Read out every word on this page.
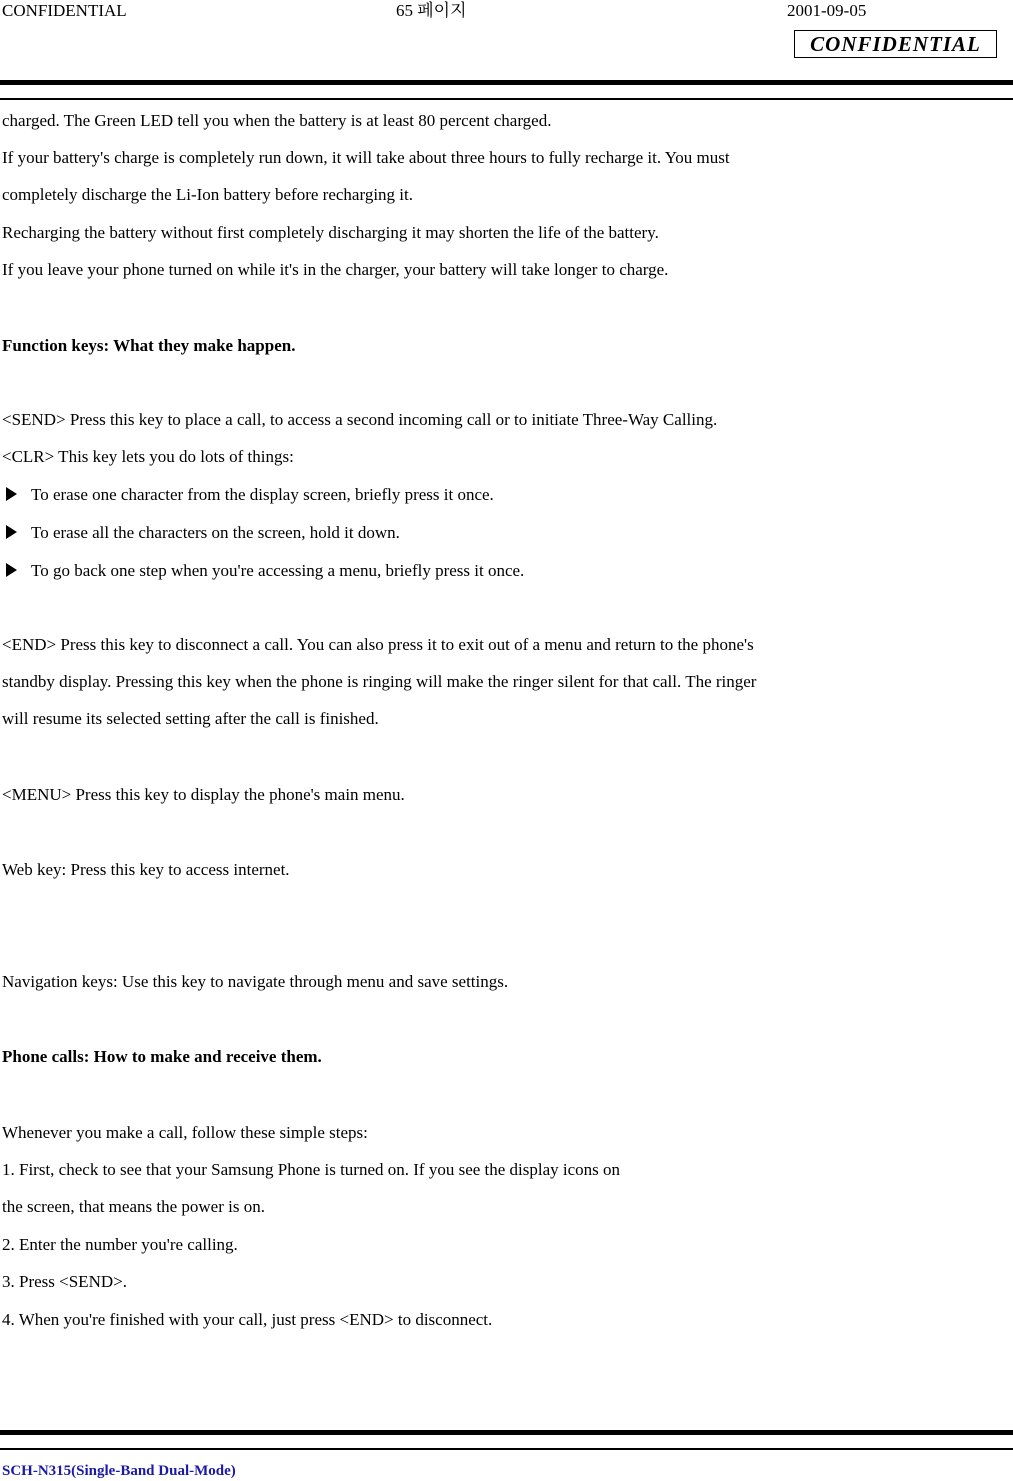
CONFIDENTIAL	65 페이지	2001-09-05
CONFIDENTIAL
charged. The Green LED tell you when the battery is at least 80 percent charged.
If your battery's charge is completely run down, it will take about three hours to fully recharge it. You must
completely discharge the Li-Ion battery before recharging it.
Recharging the battery without first completely discharging it may shorten the life of the battery.
If you leave your phone turned on while it's in the charger, your battery will take longer to charge.
Function keys: What they make happen.
<SEND> Press this key to place a call, to access a second incoming call or to initiate Three-Way Calling.
<CLR> This key lets you do lots of things:
To erase one character from the display screen, briefly press it once.
To erase all the characters on the screen, hold it down.
To go back one step when you're accessing a menu, briefly press it once.
<END> Press this key to disconnect a call. You can also press it to exit out of a menu and return to the phone's
standby display. Pressing this key when the phone is ringing will make the ringer silent for that call. The ringer
will resume its selected setting after the call is finished.
<MENU> Press this key to display the phone's main menu.
Web key: Press this key to access internet.
Navigation keys: Use this key to navigate through menu and save settings.
Phone calls: How to make and receive them.
Whenever you make a call, follow these simple steps:
1. First, check to see that your Samsung Phone is turned on. If you see the display icons on
the screen, that means the power is on.
2. Enter the number you're calling.
3. Press <SEND>.
4. When you're finished with your call, just press <END> to disconnect.
SCH-N315(Single-Band Dual-Mode)
